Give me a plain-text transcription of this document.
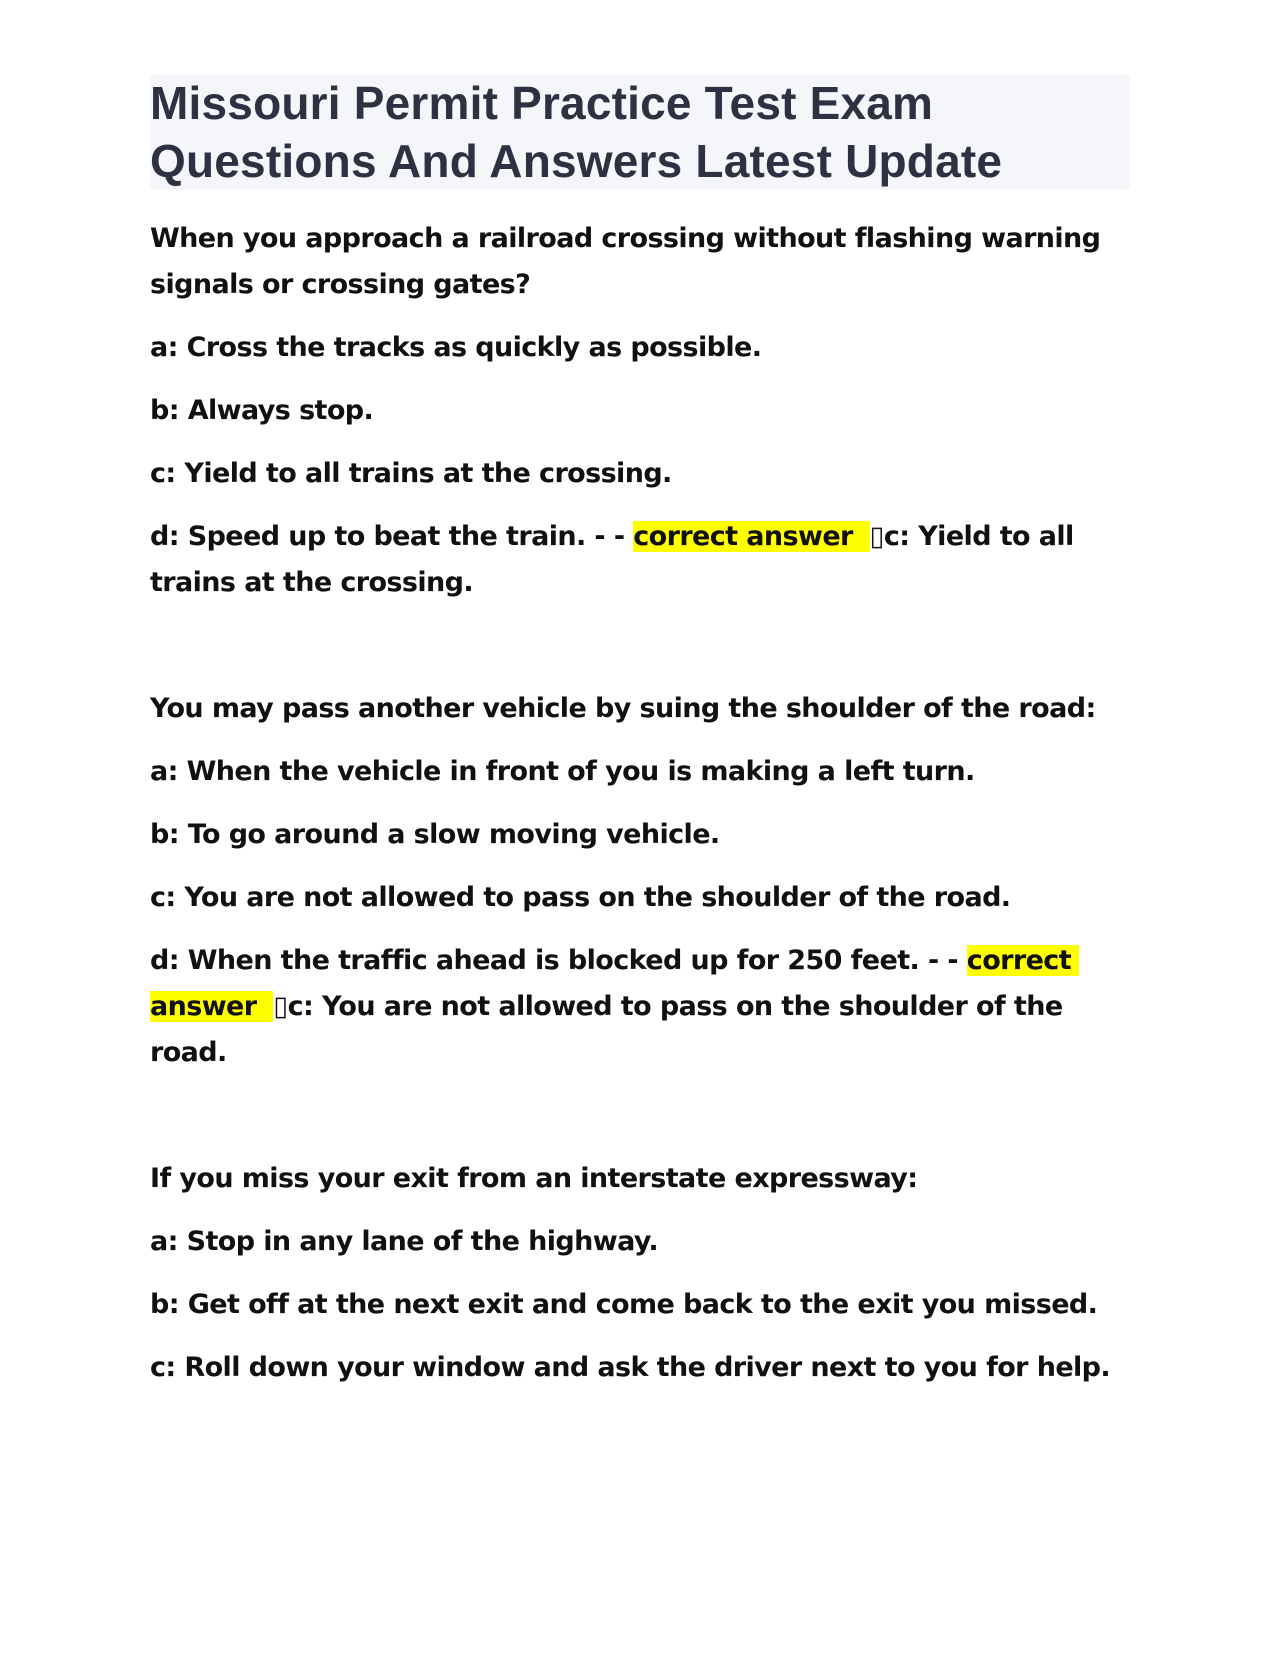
Missouri Permit Practice Test Exam

Questions And Answers Latest Update

When you approach a railroad crossing without flashing warning
signals or crossing gates?

a: Cross the tracks as quickly as possible.

b: Always stop.

c: Yield to all trains at the crossing.

d: Speed up to beat the train. - - correct answer ▯c: Yield to all
trains at the crossing.

You may pass another vehicle by suing the shoulder of the road:

a: When the vehicle in front of you is making a left turn.

b: To go around a slow moving vehicle.

c: You are not allowed to pass on the shoulder of the road.

d: When the traffic ahead is blocked up for 250 feet. - - correct
answer ▯c: You are not allowed to pass on the shoulder of the
road.

If you miss your exit from an interstate expressway:

a: Stop in any lane of the highway.

b: Get off at the next exit and come back to the exit you missed.

c: Roll down your window and ask the driver next to you for help.
